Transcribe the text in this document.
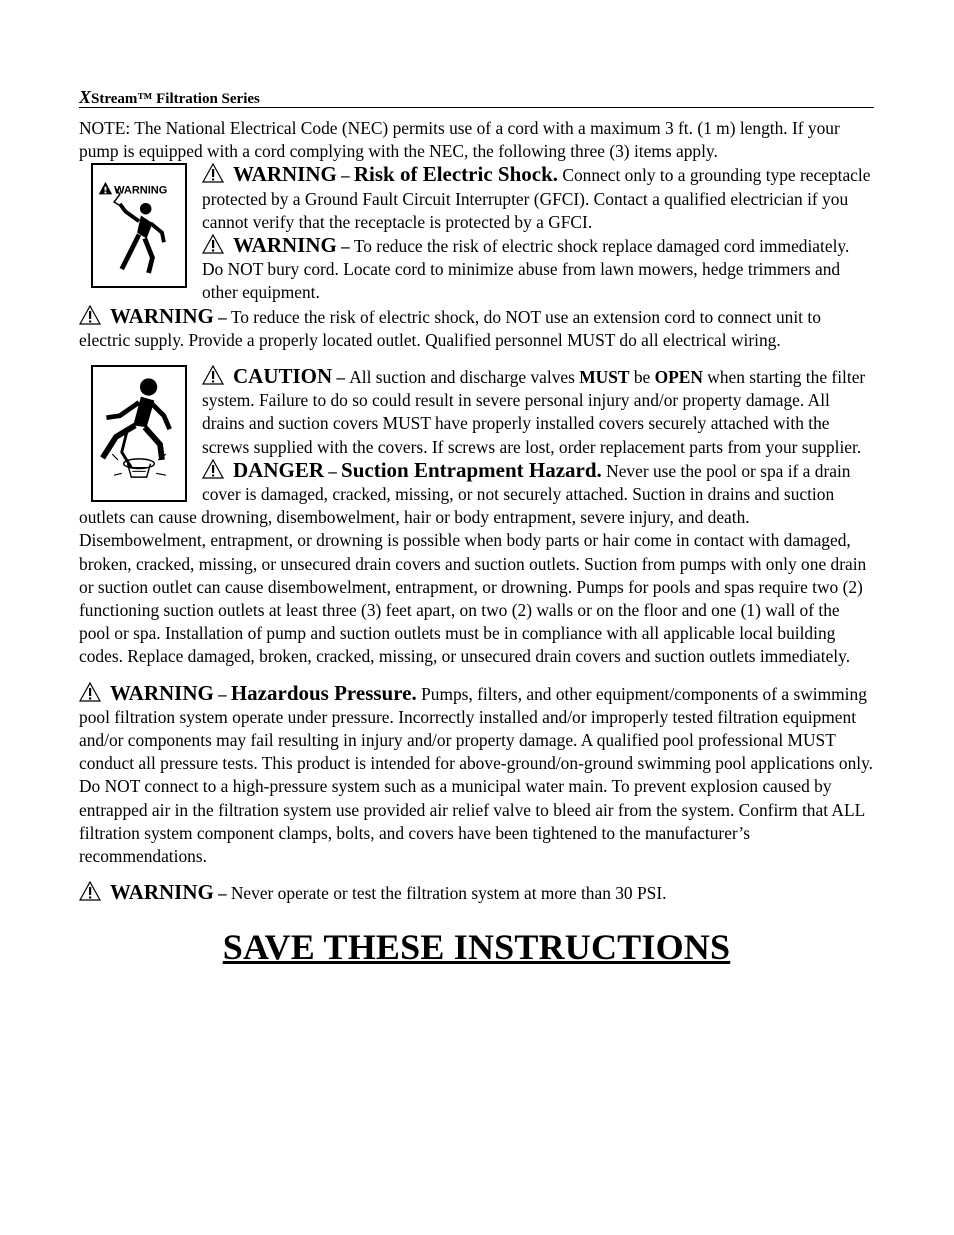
XStream™ Filtration Series

NOTE: The National Electrical Code (NEC) permits use of a cord with a maximum 3 ft. (1 m) length. If your pump is equipped with a cord complying with the NEC, the following three (3) items apply.

WARNING

WARNING – Risk of Electric Shock. Connect only to a grounding type receptacle protected by a Ground Fault Circuit Interrupter (GFCI). Contact a qualified electrician if you cannot verify that the receptacle is protected by a GFCI.

WARNING – To reduce the risk of electric shock replace damaged cord immediately. Do NOT bury cord. Locate cord to minimize abuse from lawn mowers, hedge trimmers and other equipment.

WARNING – To reduce the risk of electric shock, do NOT use an extension cord to connect unit to electric supply. Provide a properly located outlet. Qualified personnel MUST do all electrical wiring.

CAUTION – All suction and discharge valves MUST be OPEN when starting the filter system. Failure to do so could result in severe personal injury and/or property damage. All drains and suction covers MUST have properly installed covers securely attached with the screws supplied with the covers. If screws are lost, order replacement parts from your supplier.

DANGER – Suction Entrapment Hazard. Never use the pool or spa if a drain cover is damaged, cracked, missing, or not securely attached. Suction in drains and suction outlets can cause drowning, disembowelment, hair or body entrapment, severe injury, and death. Disembowelment, entrapment, or drowning is possible when body parts or hair come in contact with damaged, broken, cracked, missing, or unsecured drain covers and suction outlets. Suction from pumps with only one drain or suction outlet can cause disembowelment, entrapment, or drowning. Pumps for pools and spas require two (2) functioning suction outlets at least three (3) feet apart, on two (2) walls or on the floor and one (1) wall of the pool or spa. Installation of pump and suction outlets must be in compliance with all applicable local building codes. Replace damaged, broken, cracked, missing, or unsecured drain covers and suction outlets immediately.

WARNING – Hazardous Pressure. Pumps, filters, and other equipment/components of a swimming pool filtration system operate under pressure. Incorrectly installed and/or improperly tested filtration equipment and/or components may fail resulting in injury and/or property damage. A qualified pool professional MUST conduct all pressure tests. This product is intended for above-ground/on-ground swimming pool applications only. Do NOT connect to a high-pressure system such as a municipal water main. To prevent explosion caused by entrapped air in the filtration system use provided air relief valve to bleed air from the system. Confirm that ALL filtration system component clamps, bolts, and covers have been tightened to the manufacturer’s recommendations.

WARNING – Never operate or test the filtration system at more than 30 PSI.

SAVE THESE INSTRUCTIONS
